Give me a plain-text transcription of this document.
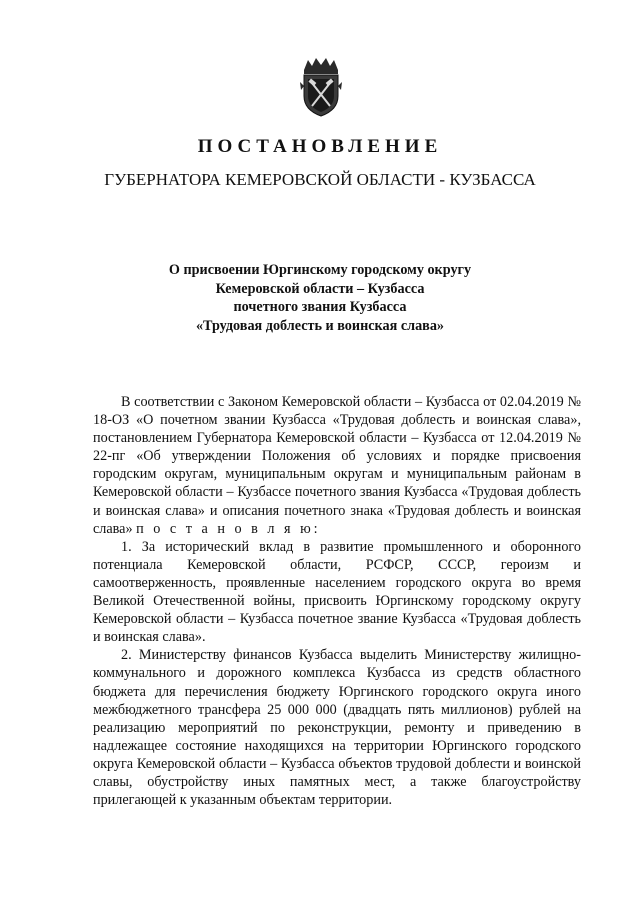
ПОСТАНОВЛЕНИЕ
ГУБЕРНАТОРА КЕМЕРОВСКОЙ ОБЛАСТИ - КУЗБАССА
О присвоении Юргинскому городскому округу
Кемеровской области – Кузбасса
почетного звания Кузбасса
«Трудовая доблесть и воинская слава»

В соответствии с Законом Кемеровской области – Кузбасса от 02.04.2019 № 18-ОЗ «О почетном звании Кузбасса «Трудовая доблесть и воинская слава», постановлением Губернатора Кемеровской области – Кузбасса от 12.04.2019 № 22-пг «Об утверждении Положения об условиях и порядке присвоения городским округам, муниципальным округам и муниципальным районам в Кемеровской области – Кузбассе почетного звания Кузбасса «Трудовая доблесть и воинская слава» и описания почетного знака «Трудовая доблесть и воинская слава» п о с т а н о в л я ю:

1. За исторический вклад в развитие промышленного и оборонного потенциала Кемеровской области, РСФСР, СССР, героизм и самоотверженность, проявленные населением городского округа во время Великой Отечественной войны, присвоить Юргинскому городскому округу Кемеровской области – Кузбасса почетное звание Кузбасса «Трудовая доблесть и воинская слава».

2. Министерству финансов Кузбасса выделить Министерству жилищно-коммунального и дорожного комплекса Кузбасса из средств областного бюджета для перечисления бюджету Юргинского городского округа иного межбюджетного трансфера 25 000 000 (двадцать пять миллионов) рублей на реализацию мероприятий по реконструкции, ремонту и приведению в надлежащее состояние находящихся на территории Юргинского городского округа Кемеровской области – Кузбасса объектов трудовой доблести и воинской славы, обустройству иных памятных мест, а также благоустройству прилегающей к указанным объектам территории.
